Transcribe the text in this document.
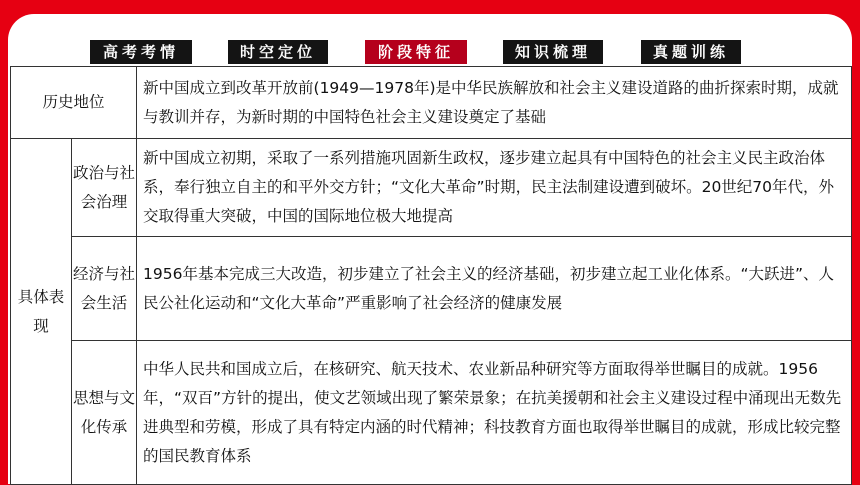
高考考情	时空定位	阶段特征	知识梳理	真题训练
历史地位		新中国成立到改革开放前(1949—1978年)是中华民族解放和社会主义建设道路的曲折探索时期，成就与教训并存，为新时期的中国特色社会主义建设奠定了基础
具体表现	政治与社会治理	新中国成立初期，采取了一系列措施巩固新生政权，逐步建立起具有中国特色的社会主义民主政治体系，奉行独立自主的和平外交方针；“文化大革命”时期，民主法制建设遭到破坏。20世纪70年代，外交取得重大突破，中国的国际地位极大地提高
	经济与社会生活	1956年基本完成三大改造，初步建立了社会主义的经济基础，初步建立起工业化体系。“大跃进”、人民公社化运动和“文化大革命”严重影响了社会经济的健康发展
	思想与文化传承	中华人民共和国成立后，在核研究、航天技术、农业新品种研究等方面取得举世瞩目的成就。1956年，“双百”方针的提出，使文艺领域出现了繁荣景象；在抗美援朝和社会主义建设过程中涌现出无数先进典型和劳模，形成了具有特定内涵的时代精神；科技教育方面也取得举世瞩目的成就，形成比较完整的国民教育体系
